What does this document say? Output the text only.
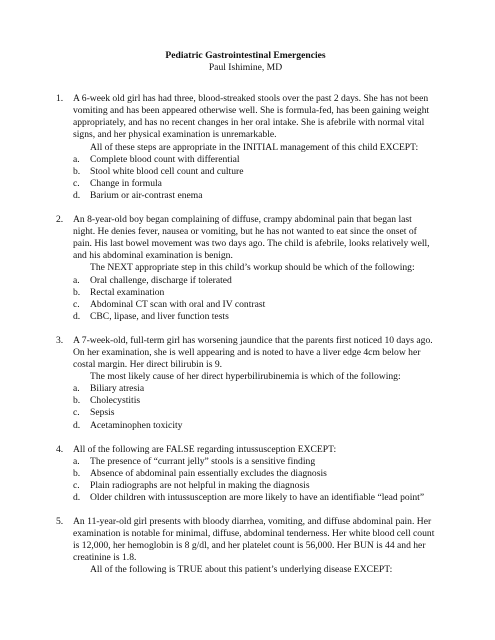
Pediatric Gastrointestinal Emergencies

Paul Ishimine, MD

1. A 6-week old girl has had three, blood-streaked stools over the past 2 days. She has not been vomiting and has been appeared otherwise well. She is formula-fed, has been gaining weight appropriately, and has no recent changes in her oral intake. She is afebrile with normal vital signs, and her physical examination is unremarkable.

All of these steps are appropriate in the INITIAL management of this child EXCEPT:

a. Complete blood count with differential
b. Stool white blood cell count and culture
c. Change in formula
d. Barium or air-contrast enema
2. An 8-year-old boy began complaining of diffuse, crampy abdominal pain that began last night. He denies fever, nausea or vomiting, but he has not wanted to eat since the onset of pain. His last bowel movement was two days ago. The child is afebrile, looks relatively well, and his abdominal examination is benign.

The NEXT appropriate step in this child’s workup should be which of the following:

a. Oral challenge, discharge if tolerated
b. Rectal examination
c. Abdominal CT scan with oral and IV contrast
d. CBC, lipase, and liver function tests
3. A 7-week-old, full-term girl has worsening jaundice that the parents first noticed 10 days ago. On her examination, she is well appearing and is noted to have a liver edge 4cm below her costal margin. Her direct bilirubin is 9.

The most likely cause of her direct hyperbilirubinemia is which of the following:

a. Biliary atresia
b. Cholecystitis
c. Sepsis
d. Acetaminophen toxicity
4. All of the following are FALSE regarding intussusception EXCEPT:

a. The presence of “currant jelly” stools is a sensitive finding
b. Absence of abdominal pain essentially excludes the diagnosis
c. Plain radiographs are not helpful in making the diagnosis
d. Older children with intussusception are more likely to have an identifiable “lead point”
5. An 11-year-old girl presents with bloody diarrhea, vomiting, and diffuse abdominal pain. Her examination is notable for minimal, diffuse, abdominal tenderness. Her white blood cell count is 12,000, her hemoglobin is 8 g/dl, and her platelet count is 56,000. Her BUN is 44 and her creatinine is 1.8.

All of the following is TRUE about this patient’s underlying disease EXCEPT:
